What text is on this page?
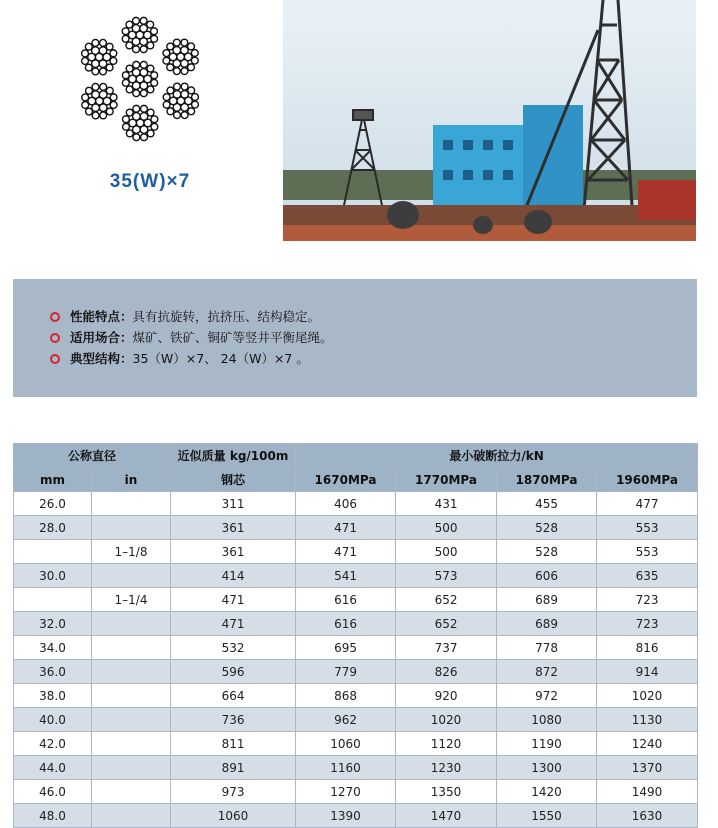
35(W)×7
性能特点： 具有抗旋转，抗挤压、结构稳定。
适用场合： 煤矿、铁矿、铜矿等竖井平衡尾绳。
典型结构： 35（W）×7、 24（W）×7 。
公称直径		近似质量 kg/100m	最小破断拉力/kN			
mm	in	钢芯	1670MPa	1770MPa	1870MPa	1960MPa
26.0		311	406	431	455	477
28.0		361	471	500	528	553
	1–1/8	361	471	500	528	553
30.0		414	541	573	606	635
	1–1/4	471	616	652	689	723
32.0		471	616	652	689	723
34.0		532	695	737	778	816
36.0		596	779	826	872	914
38.0		664	868	920	972	1020
40.0		736	962	1020	1080	1130
42.0		811	1060	1120	1190	1240
44.0		891	1160	1230	1300	1370
46.0		973	1270	1350	1420	1490
48.0		1060	1390	1470	1550	1630
